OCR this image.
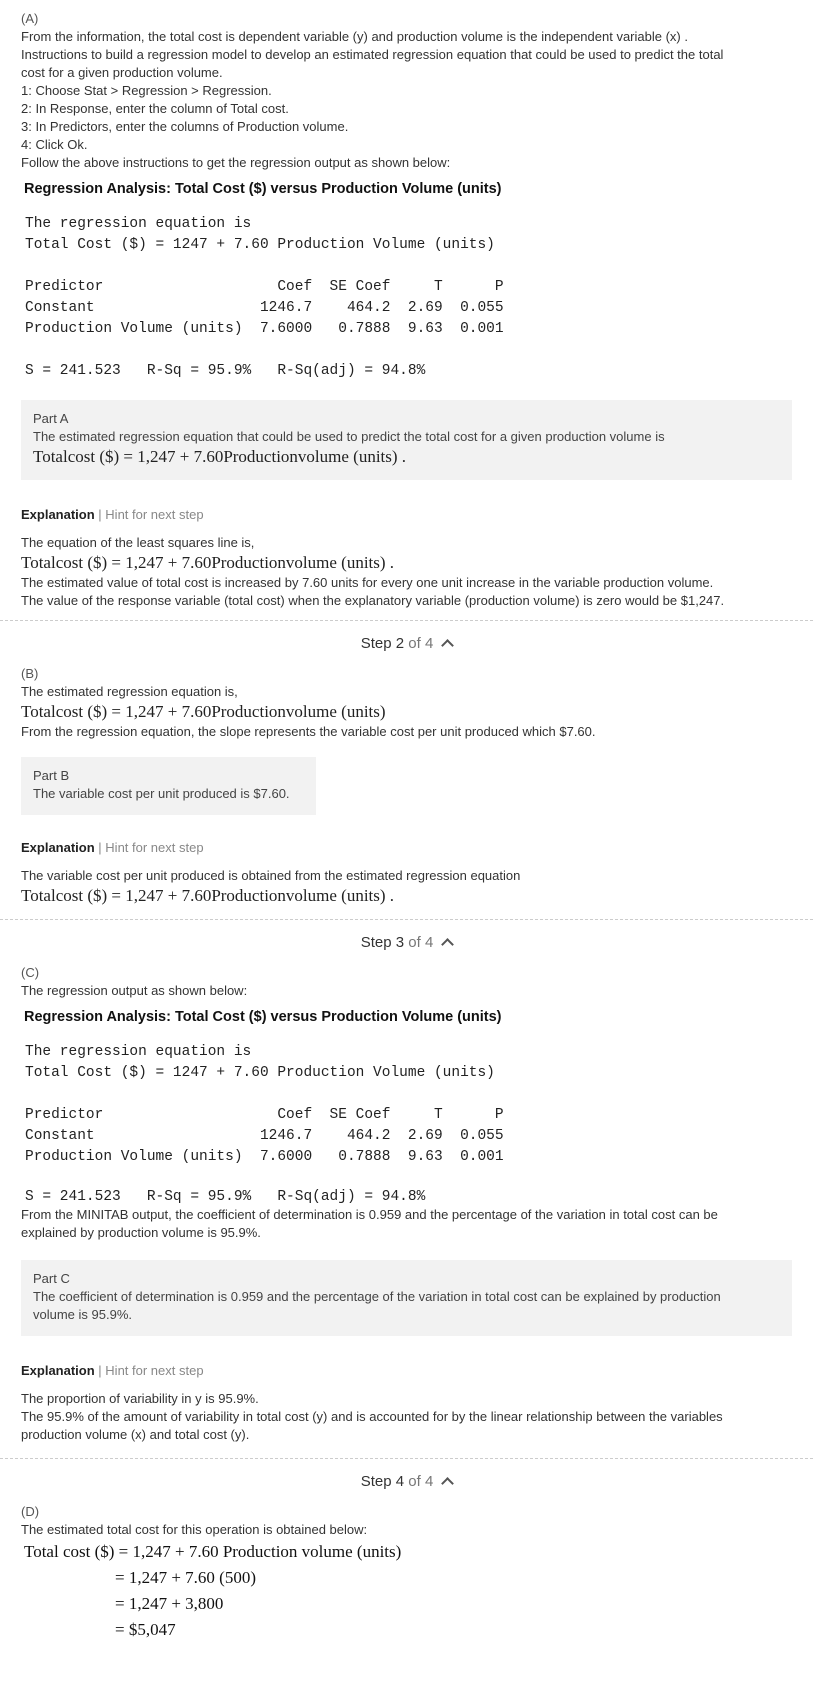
(A)
From the information, the total cost is dependent variable (y) and production volume is the independent variable (x) .
Instructions to build a regression model to develop an estimated regression equation that could be used to predict the total
cost for a given production volume.
1: Choose Stat > Regression > Regression.
2: In Response, enter the column of Total cost.
3: In Predictors, enter the columns of Production volume.
4: Click Ok.
Follow the above instructions to get the regression output as shown below:
Regression Analysis: Total Cost ($) versus Production Volume (units)
The regression equation is
Total Cost ($) = 1247 + 7.60 Production Volume (units)

Predictor                    Coef  SE Coef     T      P
Constant                   1246.7    464.2  2.69  0.055
Production Volume (units)  7.6000   0.7888  9.63  0.001

S = 241.523   R-Sq = 95.9%   R-Sq(adj) = 94.8%
Part A
The estimated regression equation that could be used to predict the total cost for a given production volume is
Totalcost ($) = 1,247 + 7.60Productionvolume (units) .
Explanation | Hint for next step
The equation of the least squares line is,
Totalcost ($) = 1,247 + 7.60Productionvolume (units) .
The estimated value of total cost is increased by 7.60 units for every one unit increase in the variable production volume.
The value of the response variable (total cost) when the explanatory variable (production volume) is zero would be $1,247.
Step 2 of 4
(B)
The estimated regression equation is,
Totalcost ($) = 1,247 + 7.60Productionvolume (units)
From the regression equation, the slope represents the variable cost per unit produced which $7.60.
Part B
The variable cost per unit produced is $7.60.
Explanation | Hint for next step
The variable cost per unit produced is obtained from the estimated regression equation
Totalcost ($) = 1,247 + 7.60Productionvolume (units) .
Step 3 of 4
(C)
The regression output as shown below:
Regression Analysis: Total Cost ($) versus Production Volume (units)
The regression equation is
Total Cost ($) = 1247 + 7.60 Production Volume (units)

Predictor                    Coef  SE Coef     T      P
Constant                   1246.7    464.2  2.69  0.055
Production Volume (units)  7.6000   0.7888  9.63  0.001

S = 241.523   R-Sq = 95.9%   R-Sq(adj) = 94.8%
From the MINITAB output, the coefficient of determination is 0.959 and the percentage of the variation in total cost can be
explained by production volume is 95.9%.
Part C
The coefficient of determination is 0.959 and the percentage of the variation in total cost can be explained by production
volume is 95.9%.
Explanation | Hint for next step
The proportion of variability in y is 95.9%.
The 95.9% of the amount of variability in total cost (y) and is accounted for by the linear relationship between the variables
production volume (x) and total cost (y).
Step 4 of 4
(D)
The estimated total cost for this operation is obtained below:
Total cost ($) = 1,247 + 7.60 Production volume (units)
= 1,247 + 7.60 (500)
= 1,247 + 3,800
= $5,047
